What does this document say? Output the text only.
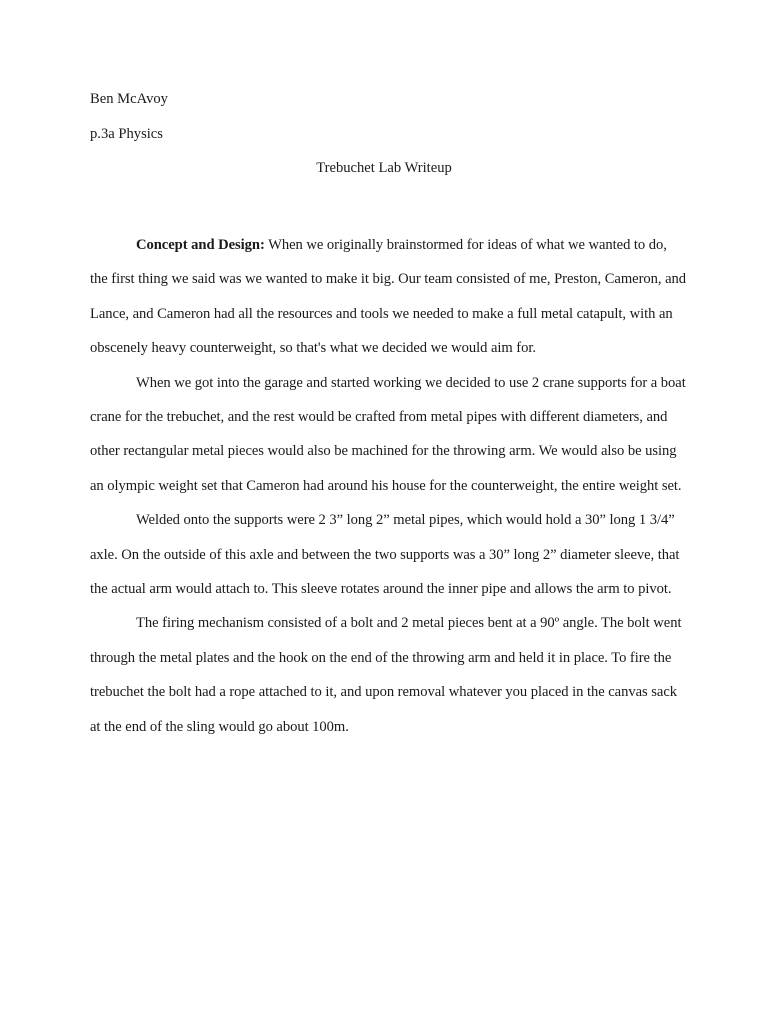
Ben McAvoy

p.3a Physics

Trebuchet Lab Writeup

Concept and Design: When we originally brainstormed for ideas of what we wanted to do, the first thing we said was we wanted to make it big. Our team consisted of me, Preston, Cameron, and Lance, and Cameron had all the resources and tools we needed to make a full metal catapult, with an obscenely heavy counterweight, so that's what we decided we would aim for.

When we got into the garage and started working we decided to use 2 crane supports for a boat crane for the trebuchet, and the rest would be crafted from metal pipes with different diameters, and other rectangular metal pieces would also be machined for the throwing arm. We would also be using an olympic weight set that Cameron had around his house for the counterweight, the entire weight set.

Welded onto the supports were 2 3” long 2” metal pipes, which would hold a 30” long 1 3/4” axle. On the outside of this axle and between the two supports was a 30” long 2” diameter sleeve, that the actual arm would attach to. This sleeve rotates around the inner pipe and allows the arm to pivot.

The firing mechanism consisted of a bolt and 2 metal pieces bent at a 90º angle. The bolt went through the metal plates and the hook on the end of the throwing arm and held it in place. To fire the trebuchet the bolt had a rope attached to it, and upon removal whatever you placed in the canvas sack at the end of the sling would go about 100m.
